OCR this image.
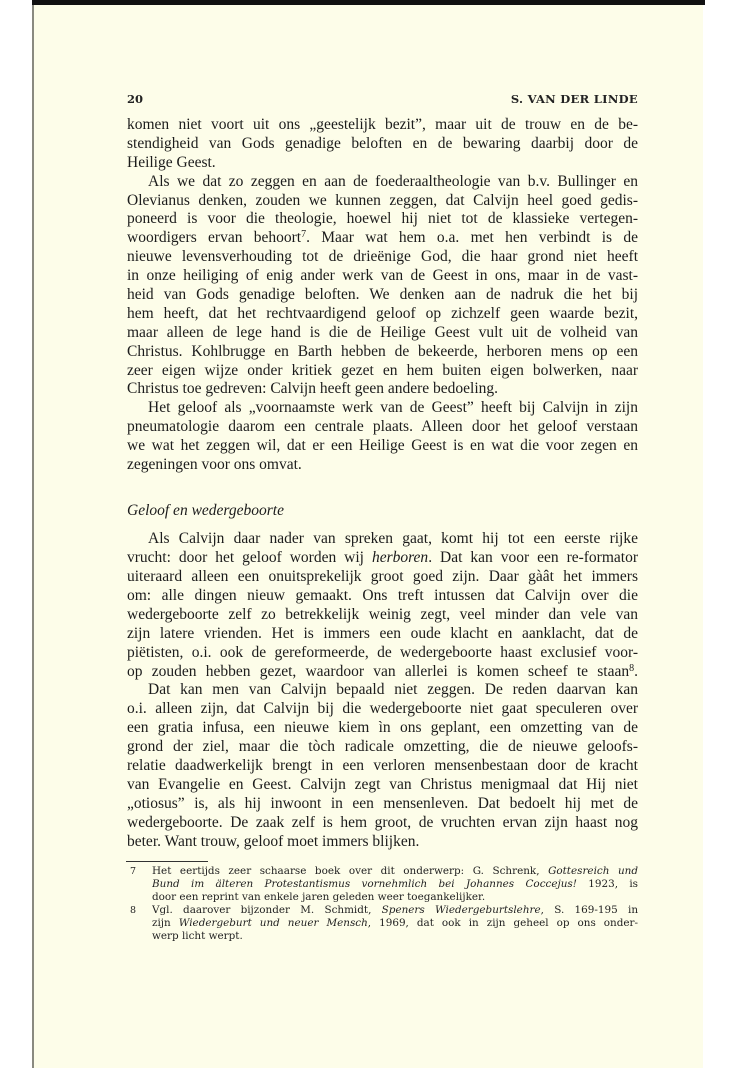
20	S. VAN DER LINDE
komen niet voort uit ons „geestelijk bezit”, maar uit de trouw en de be-
stendigheid van Gods genadige beloften en de bewaring daarbij door de
Heilige Geest.
Als we dat zo zeggen en aan de foederaaltheologie van b.v. Bullinger en
Olevianus denken, zouden we kunnen zeggen, dat Calvijn heel goed gedis-
poneerd is voor die theologie, hoewel hij niet tot de klassieke vertegen-
woordigers ervan behoort$^7$. Maar wat hem o.a. met hen verbindt is de
nieuwe levensverhouding tot de drieënige God, die haar grond niet heeft
in onze heiliging of enig ander werk van de Geest in ons, maar in de vast-
heid van Gods genadige beloften. We denken aan de nadruk die het bij
hem heeft, dat het rechtvaardigend geloof op zichzelf geen waarde bezit,
maar alleen de lege hand is die de Heilige Geest vult uit de volheid van
Christus. Kohlbrugge en Barth hebben de bekeerde, herboren mens op een
zeer eigen wijze onder kritiek gezet en hem buiten eigen bolwerken, naar
Christus toe gedreven: Calvijn heeft geen andere bedoeling.
Het geloof als „voornaamste werk van de Geest” heeft bij Calvijn in zijn
pneumatologie daarom een centrale plaats. Alleen door het geloof verstaan
we wat het zeggen wil, dat er een Heilige Geest is en wat die voor zegen en
zegeningen voor ons omvat.
Geloof en wedergeboorte
Als Calvijn daar nader van spreken gaat, komt hij tot een eerste rijke
vrucht: door het geloof worden wij herboren. Dat kan voor een re-formator
uiteraard alleen een onuitsprekelijk groot goed zijn. Daar gàât het immers
om: alle dingen nieuw gemaakt. Ons treft intussen dat Calvijn over die
wedergeboorte zelf zo betrekkelijk weinig zegt, veel minder dan vele van
zijn latere vrienden. Het is immers een oude klacht en aanklacht, dat de
piëtisten, o.i. ook de gereformeerde, de wedergeboorte haast exclusief voor-
op zouden hebben gezet, waardoor van allerlei is komen scheef te staan$^8$.
Dat kan men van Calvijn bepaald niet zeggen. De reden daarvan kan
o.i. alleen zijn, dat Calvijn bij die wedergeboorte niet gaat speculeren over
een gratia infusa, een nieuwe kiem ìn ons geplant, een omzetting van de
grond der ziel, maar die tòch radicale omzetting, die de nieuwe geloofs-
relatie daadwerkelijk brengt in een verloren mensenbestaan door de kracht
van Evangelie en Geest. Calvijn zegt van Christus menigmaal dat Hij niet
„otiosus” is, als hij inwoont in een mensenleven. Dat bedoelt hij met de
wedergeboorte. De zaak zelf is hem groot, de vruchten ervan zijn haast nog
beter. Want trouw, geloof moet immers blijken.
7 Het eertijds zeer schaarse boek over dit onderwerp: G. Schrenk, Gottesreich und
Bund im älteren Protestantismus vornehmlich bei Johannes Coccejus! 1923, is
door een reprint van enkele jaren geleden weer toegankelijker.
8 Vgl. daarover bijzonder M. Schmidt, Speners Wiedergeburtslehre, S. 169-195 in
zijn Wiedergeburt und neuer Mensch, 1969, dat ook in zijn geheel op ons onder-
werp licht werpt.
